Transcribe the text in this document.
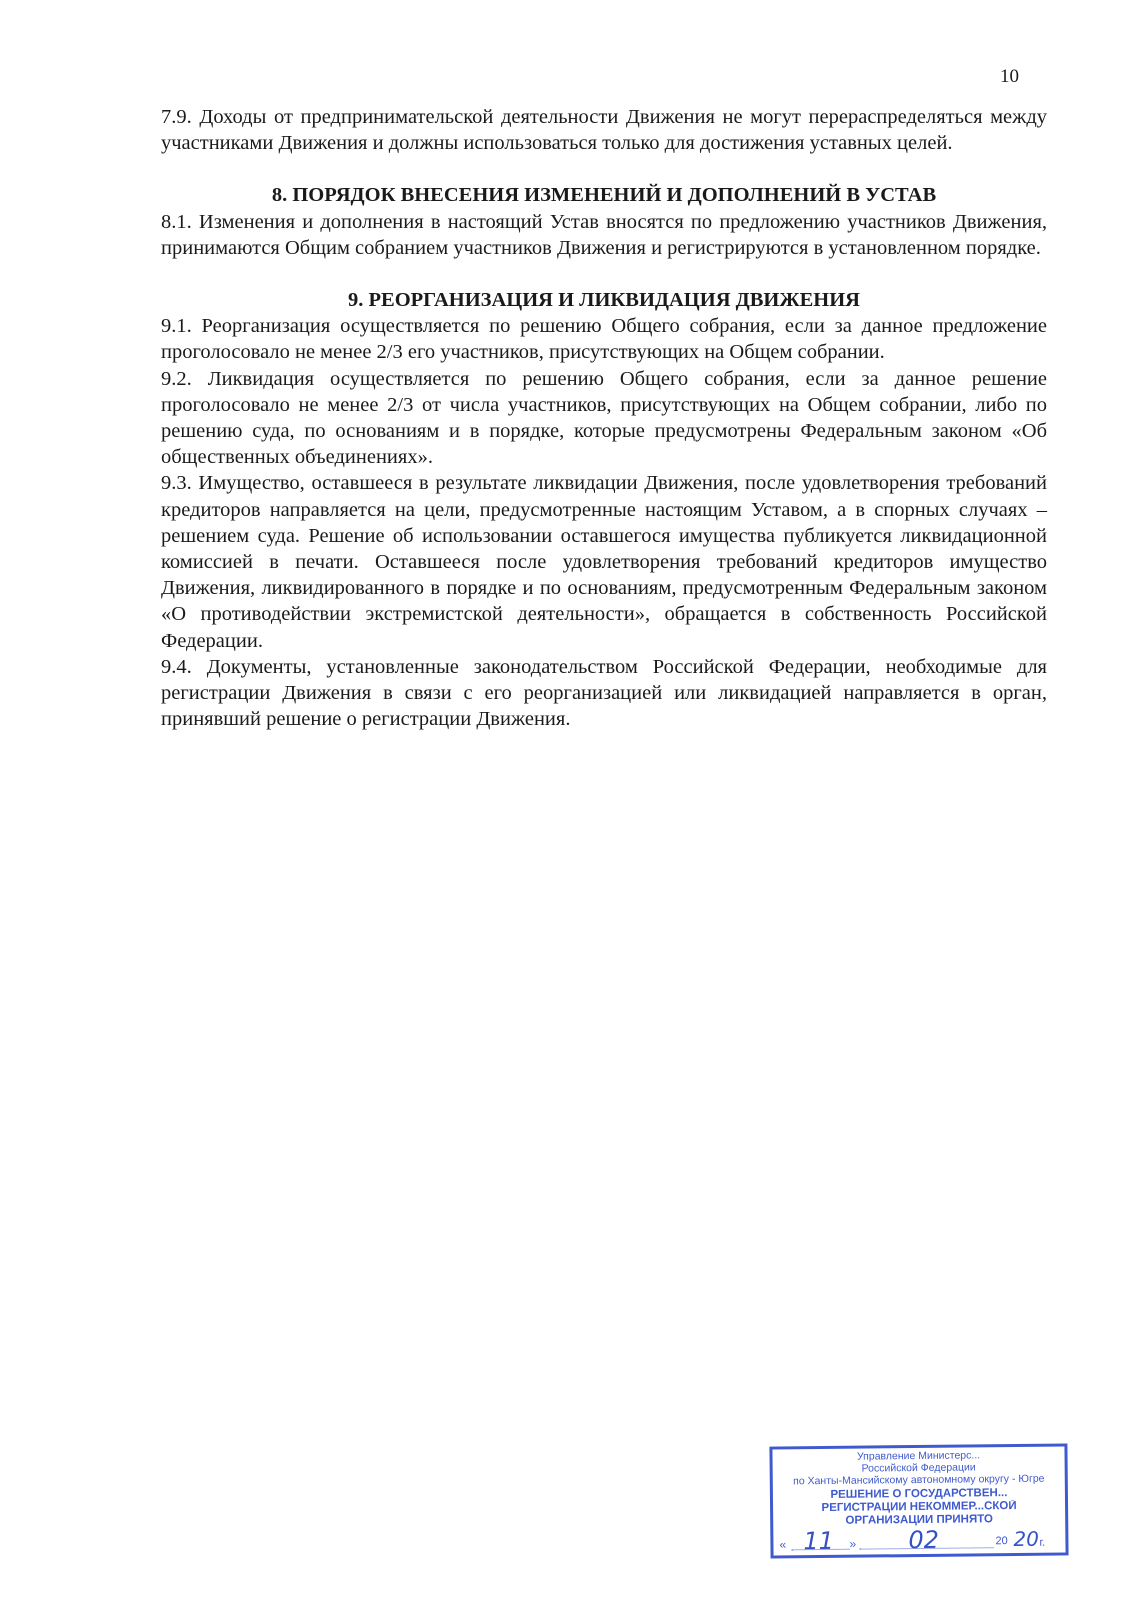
10

7.9. Доходы от предпринимательской деятельности Движения не могут перераспределяться между участниками Движения и должны использоваться только для достижения уставных целей.

8. ПОРЯДОК ВНЕСЕНИЯ ИЗМЕНЕНИЙ И ДОПОЛНЕНИЙ В УСТАВ

8.1. Изменения и дополнения в настоящий Устав вносятся по предложению участников Движения, принимаются Общим собранием участников Движения и регистрируются в установленном порядке.

9. РЕОРГАНИЗАЦИЯ И ЛИКВИДАЦИЯ ДВИЖЕНИЯ

9.1. Реорганизация осуществляется по решению Общего собрания, если за данное предложение проголосовало не менее 2/3 его участников, присутствующих на Общем собрании.

9.2. Ликвидация осуществляется по решению Общего собрания, если за данное решение проголосовало не менее 2/3 от числа участников, присутствующих на Общем собрании, либо по решению суда, по основаниям и в порядке, которые предусмотрены Федеральным законом «Об общественных объединениях».

9.3. Имущество, оставшееся в результате ликвидации Движения, после удовлетворения требований кредиторов направляется на цели, предусмотренные настоящим Уставом, а в спорных случаях – решением суда. Решение об использовании оставшегося имущества публикуется ликвидационной комиссией в печати. Оставшееся после удовлетворения требований кредиторов имущество Движения, ликвидированного в порядке и по основаниям, предусмотренным Федеральным законом «О противодействии экстремистской деятельности», обращается в собственность Российской Федерации.

9.4. Документы, установленные законодательством Российской Федерации, необходимые для регистрации Движения в связи с его реорганизацией или ликвидацией направляется в орган, принявший решение о регистрации Движения.

Управление Министерс...
Российской Федерации
по Ханты-Мансийскому автономному округу - Югре
РЕШЕНИЕ О ГОСУДАРСТВЕН...
РЕГИСТРАЦИИ НЕКОММЕР...СКОЙ
ОРГАНИЗАЦИИ ПРИНЯТО
« 11 » 02	20 20 г.
